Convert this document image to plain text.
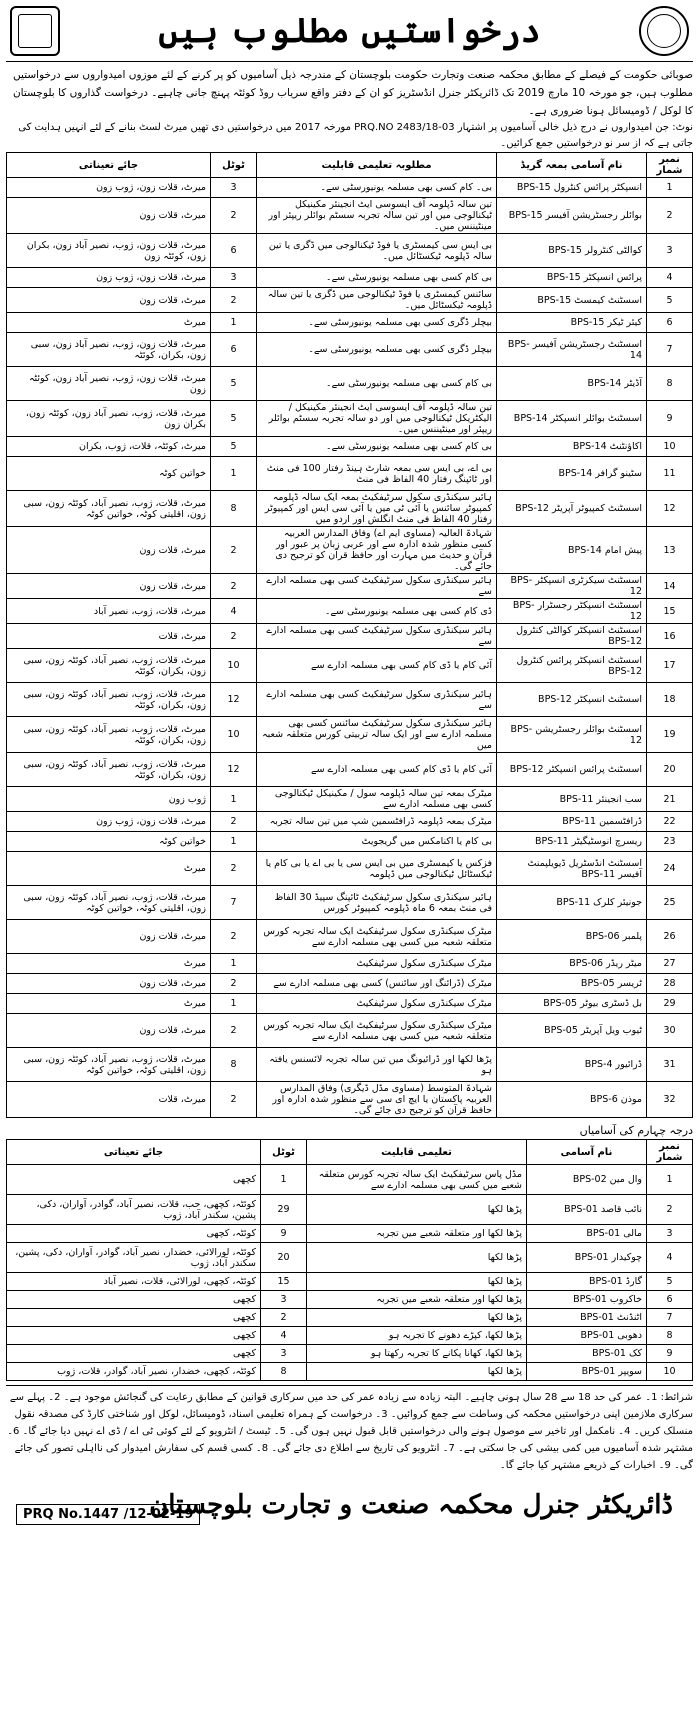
درخواستیں مطلوب ہیں
صوبائی حکومت کے فیصلے کے مطابق محکمہ صنعت وتجارت حکومت بلوچستان کے مندرجہ ذیل آسامیوں کو پر کرنے کے لئے موزوں امیدواروں سے درخواستیں مطلوب ہیں، جو مورخہ 10 مارچ 2019 تک ڈائریکٹر جنرل انڈسٹریز کو ان کے دفتر واقع سریاب روڈ کوئٹہ پہنچ جانی چاہیے۔ درخواست گذاروں کا بلوچستان کا لوکل / ڈومیسائل ہونا ضروری ہے۔
نوٹ: جن امیدواروں نے درج ذیل خالی آسامیوں پر اشتہار PRQ.NO 2483/18-03 مورخہ 2017 میں درخواستیں دی تھیں میرٹ لسٹ بنانے کے لئے انہیں ہدایت کی جاتی ہے کہ از سر نو درخواستیں جمع کرائیں۔
نمبر شمار	نام آسامی بمعہ گریڈ	مطلوبہ تعلیمی قابلیت	ٹوٹل	جائے تعیناتی
1	انسپکٹر پرائس کنٹرول BPS-15	بی۔ کام کسی بھی مسلمہ یونیورسٹی سے۔	3	میرٹ، قلات زون، ژوب زون
2	بوائلر رجسٹریشن آفیسر BPS-15	تین سالہ ڈپلومہ آف ایسوسی ایٹ انجینئر مکینیکل ٹیکنالوجی میں اور تین سالہ تجربہ سسٹم بوائلر ریپئر اور مینٹیننس میں۔	2	میرٹ، قلات زون
3	کوالٹی کنٹرولر BPS-15	بی ایس سی کیمسٹری یا فوڈ ٹیکنالوجی میں ڈگری یا تین سالہ ڈپلومہ ٹیکسٹائل میں۔	6	میرٹ، قلات زون، ژوب، نصیر آباد زون، بکران زون، کوئٹہ زون
4	پرائس انسپکٹر BPS-15	بی کام کسی بھی مسلمہ یونیورسٹی سے۔	3	میرٹ، قلات زون، ژوب زون
5	اسسٹنٹ کیمسٹ BPS-15	سائنس کیمسٹری یا فوڈ ٹیکنالوجی میں ڈگری یا تین سالہ ڈپلومہ ٹیکسٹائل میں۔	2	میرٹ، قلات زون
6	کیئر ٹیکر BPS-15	بیچلر ڈگری کسی بھی مسلمہ یونیورسٹی سے۔	1	میرٹ
7	اسسٹنٹ رجسٹریشن آفیسر BPS-14	بیچلر ڈگری کسی بھی مسلمہ یونیورسٹی سے۔	6	میرٹ، قلات زون، ژوب، نصیر آباد زون، سبی زون، بکران، کوئٹہ
8	آڈیٹر BPS-14	بی کام کسی بھی مسلمہ یونیورسٹی سے۔	5	میرٹ، قلات زون، ژوب، نصیر آباد زون، کوئٹہ زون
9	اسسٹنٹ بوائلر انسپکٹر BPS-14	تین سالہ ڈپلومہ آف ایسوسی ایٹ انجینئر مکینیکل / الیکٹریکل ٹیکنالوجی میں اور دو سالہ تجربہ سسٹم بوائلر ریپئر اور مینٹیننس میں۔	5	میرٹ، قلات، ژوب، نصیر آباد زون، کوئٹہ زون، بکران زون
10	اکاؤنٹنٹ BPS-14	بی کام کسی بھی مسلمہ یونیورسٹی سے۔	5	میرٹ، کوئٹہ، قلات، ژوب، بکران
11	سٹینو گرافر BPS-14	بی اے، بی ایس سی بمعہ شارٹ ہینڈ رفتار 100 فی منٹ اور ٹائپنگ رفتار 40 الفاظ فی منٹ	1	خواتین کوٹہ
12	اسسٹنٹ کمپیوٹر آپریٹر BPS-12	ہائیر سیکنڈری سکول سرٹیفکیٹ بمعہ ایک سالہ ڈپلومہ کمپیوٹر سائنس یا آئی ٹی میں یا آئی سی ایس اور کمپیوٹر رفتار 40 الفاظ فی منٹ انگلش اور اردو میں	8	میرٹ، قلات، ژوب، نصیر آباد، کوئٹہ زون، سبی زون، اقلیتی کوٹہ، خواتین کوٹہ
13	پیش امام BPS-14	شہادۃ العالیہ (مساوی ایم اے) وفاق المدارس العربیہ کسی منظور شدہ ادارہ سے اور عربی زبان پر عبور اور قرآن و حدیث میں مہارت اور حافظ قرآن کو ترجیح دی جائے گی۔	2	میرٹ، قلات زون
14	اسسٹنٹ سیکرٹری انسپکٹر BPS-12	ہائیر سیکنڈری سکول سرٹیفکیٹ کسی بھی مسلمہ ادارے سے	2	میرٹ، قلات زون
15	اسسٹنٹ انسپکٹر رجسٹرار BPS-12	ڈی کام کسی بھی مسلمہ یونیورسٹی سے۔	4	میرٹ، قلات، ژوب، نصیر آباد
16	اسسٹنٹ انسپکٹر کوالٹی کنٹرول BPS-12	ہائیر سیکنڈری سکول سرٹیفکیٹ کسی بھی مسلمہ ادارے سے	2	میرٹ، قلات
17	اسسٹنٹ انسپکٹر پرائس کنٹرول BPS-12	آئی کام یا ڈی کام کسی بھی مسلمہ ادارے سے	10	میرٹ، قلات، ژوب، نصیر آباد، کوئٹہ زون، سبی زون، بکران، کوئٹہ
18	اسسٹنٹ انسپکٹر BPS-12	ہائیر سیکنڈری سکول سرٹیفکیٹ کسی بھی مسلمہ ادارے سے	12	میرٹ، قلات، ژوب، نصیر آباد، کوئٹہ زون، سبی زون، بکران، کوئٹہ
19	اسسٹنٹ بوائلر رجسٹریشن BPS-12	ہائیر سیکنڈری سکول سرٹیفکیٹ سائنس کسی بھی مسلمہ ادارے سے اور ایک سالہ تربیتی کورس متعلقہ شعبہ میں	10	میرٹ، قلات، ژوب، نصیر آباد، کوئٹہ زون، سبی زون، بکران، کوئٹہ
20	اسسٹنٹ پرائس انسپکٹر BPS-12	آئی کام یا ڈی کام کسی بھی مسلمہ ادارے سے	12	میرٹ، قلات، ژوب، نصیر آباد، کوئٹہ زون، سبی زون، بکران، کوئٹہ
21	سب انجینئر BPS-11	میٹرک بمعہ تین سالہ ڈپلومہ سول / مکینیکل ٹیکنالوجی کسی بھی مسلمہ ادارے سے	1	ژوب زون
22	ڈرافٹسمین BPS-11	میٹرک بمعہ ڈپلومہ ڈرافٹسمین شپ میں تین سالہ تجربہ	2	میرٹ، قلات زون، ژوب زون
23	ریسرچ انوسٹیگیٹر BPS-11	بی کام یا اکنامکس میں گریجویٹ	1	خواتین کوٹہ
24	اسسٹنٹ انڈسٹریل ڈیویلپمنٹ آفیسر BPS-11	فزکس یا کیمسٹری میں بی ایس سی یا بی اے یا بی کام یا ٹیکسٹائل ٹیکنالوجی میں ڈپلومہ	2	میرٹ
25	جونیئر کلرک BPS-11	ہائیر سیکنڈری سکول سرٹیفکیٹ ٹائپنگ سپیڈ 30 الفاظ فی منٹ بمعہ 6 ماہ ڈپلومہ کمپیوٹر کورس	7	میرٹ، قلات، ژوب، نصیر آباد، کوئٹہ زون، سبی زون، اقلیتی کوٹہ، خواتین کوٹہ
26	پلمبر BPS-06	میٹرک سیکنڈری سکول سرٹیفکیٹ ایک سالہ تجربہ کورس متعلقہ شعبہ میں کسی بھی مسلمہ ادارے سے	2	میرٹ، قلات زون
27	میٹر ریڈر BPS-06	میٹرک سیکنڈری سکول سرٹیفکیٹ	1	میرٹ
28	ٹریسر BPS-05	میٹرک (ڈرائنگ اور سائنس) کسی بھی مسلمہ ادارے سے	2	میرٹ، قلات زون
29	بل ڈسٹری بیوٹر BPS-05	میٹرک سیکنڈری سکول سرٹیفکیٹ	1	میرٹ
30	ٹیوب ویل آپریٹر BPS-05	میٹرک سیکنڈری سکول سرٹیفکیٹ ایک سالہ تجربہ کورس متعلقہ شعبہ میں کسی بھی مسلمہ ادارے سے	2	میرٹ، قلات زون
31	ڈرائیور BPS-4	پڑھا لکھا اور ڈرائیونگ میں تین سالہ تجربہ لائسنس یافتہ ہو	8	میرٹ، قلات، ژوب، نصیر آباد، کوئٹہ زون، سبی زون، اقلیتی کوٹہ، خواتین کوٹہ
32	موذن BPS-6	شہادۃ المتوسط (مساوی مڈل ڈیگری) وفاق المدارس العربیہ پاکستان یا ایچ ای سی سے منظور شدہ ادارہ اور حافظ قرآن کو ترجیح دی جائے گی۔	2	میرٹ، قلات
درجہ چہارم کی آسامیاں
نمبر شمار	نام آسامی	تعلیمی قابلیت	ٹوٹل	جائے تعیناتی
1	وال مین BPS-02	مڈل پاس سرٹیفکیٹ ایک سالہ تجربہ کورس متعلقہ شعبے میں کسی بھی مسلمہ ادارے سے	1	کچھی
2	نائب قاصد BPS-01	پڑھا لکھا	29	کوئٹہ، کچھی، حب، قلات، نصیر آباد، گوادر، آواران، دکی، پشین، سکندر آباد، ژوب
3	مالی BPS-01	پڑھا لکھا اور متعلقہ شعبے میں تجربہ	9	کوئٹہ، کچھی
4	چوکیدار BPS-01	پڑھا لکھا	20	کوئٹہ، لورالائی، خضدار، نصیر آباد، گوادر، آواران، دکی، پشین، سکندر آباد، ژوب
5	گارڈ BPS-01	پڑھا لکھا	15	کوئٹہ، کچھی، لورالائی، قلات، نصیر آباد
6	خاکروب BPS-01	پڑھا لکھا اور متعلقہ شعبے میں تجربہ	3	کچھی
7	اٹنڈنٹ BPS-01	پڑھا لکھا	2	کچھی
8	دھوبی BPS-01	پڑھا لکھا، کپڑے دھونے کا تجربہ ہو	4	کچھی
9	کک BPS-01	پڑھا لکھا، کھانا پکانے کا تجربہ رکھتا ہو	3	کچھی
10	سویپر BPS-01	پڑھا لکھا	8	کوئٹہ، کچھی، خضدار، نصیر آباد، گوادر، قلات، ژوب
شرائط: 1۔ عمر کی حد 18 سے 28 سال ہونی چاہیے۔ البتہ زیادہ سے زیادہ عمر کی حد میں سرکاری قوانین کے مطابق رعایت کی گنجائش موجود ہے۔ 2۔ پہلے سے سرکاری ملازمین اپنی درخواستیں محکمہ کی وساطت سے جمع کروائیں۔ 3۔ درخواست کے ہمراہ تعلیمی اسناد، ڈومیسائل، لوکل اور شناختی کارڈ کی مصدقہ نقول منسلک کریں۔ 4۔ نامکمل اور تاخیر سے موصول ہونے والی درخواستیں قابل قبول نہیں ہوں گی۔ 5۔ ٹیسٹ / انٹرویو کے لئے کوئی ٹی اے / ڈی اے نہیں دیا جائے گا۔ 6۔ مشتہر شدہ آسامیوں میں کمی بیشی کی جا سکتی ہے۔ 7۔ انٹرویو کی تاریخ سے اطلاع دی جائے گی۔ 8۔ کسی قسم کی سفارش امیدوار کی نااہلی تصور کی جائے گی۔ 9۔ اخبارات کے ذریعے مشتہر کیا جائے گا۔
ڈائریکٹر جنرل محکمہ صنعت و تجارت بلوچستان
PRQ No.1447 /12-02-19
